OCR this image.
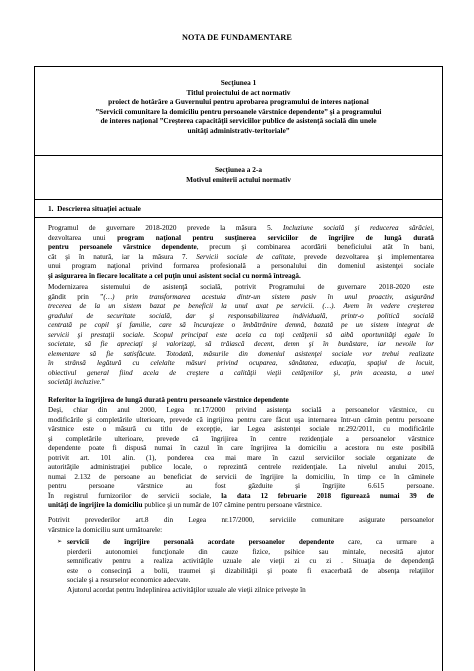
NOTA DE FUNDAMENTARE
Secţiunea 1
Titlul proiectului de act normativ
proiect de hotărâre a Guvernului pentru aprobarea programului de interes naţional
”Servicii comunitare la domiciliu pentru persoanele vârstnice dependente” şi a programului
de interes naţional ”Creşterea capacităţii serviciilor publice de asistenţă socială din unele
unităţi administrativ-teritoriale”
Secţiunea a 2-a
Motivul emiterii actului normativ
1. Descrierea situaţiei actuale
Programul de guvernare 2018-2020 prevede la măsura 5. Incluziune socială şi reducerea sărăciei,
dezvoltarea unui program naţional pentru susţinerea serviciilor de îngrijire de lungă durată
pentru persoanele vârstnice dependente, precum şi combinarea acordării beneficiului atât în bani,
cât şi în natură, iar la măsura 7. Servicii sociale de calitate, prevede dezvoltarea şi implementarea
unui program naţional privind formarea profesională a personalului din domeniul asistenţei sociale
şi asigurarea în fiecare localitate a cel puţin unui asistent social cu normă întreagă.
Modernizarea sistemului de asistenţă socială, potrivit Programului de guvernare 2018-2020 este
gândit prin ”(…) prin transformarea acestuia dintr-un sistem pasiv în unul proactiv, asigurând
trecerea de la un sistem bazat pe beneficii la unul axat pe servicii. (…). Avem în vedere creşterea
gradului de securitate socială, dar şi responsabilizarea individuală, printr-o politică socială
centrată pe copil şi familie, care să încurajeze o îmbătrânire demnă, bazată pe un sistem integrat de
servicii şi prestaţii sociale. Scopul principal este acela ca toţi cetăţenii să aibă oportunităţi egale în
societate, să fie apreciaţi şi valorizaţi, să trăiască decent, demn şi în bunăstare, iar nevoile lor
elementare să fie satisfăcute. Totodată, măsurile din domeniul asistenţei sociale vor trebui realizate
în strânsă legătură cu celelalte măsuri privind ocuparea, sănătatea, educaţia, spaţiul de locuit,
obiectivul general fiind acela de creştere a calităţii vieţii cetăţenilor şi, prin aceasta, a unei
societăţi incluzive.”
Referitor la îngrijirea de lungă durată pentru persoanele vârstnice dependente
Deşi, chiar din anul 2000, Legea nr.17/2000 privind asistenţa socială a persoanelor vârstnice, cu
modificările şi completările ulterioare, prevede că ingrijirea pentru care făcut uşa internarea într-un cămin pentru persoane
vârstnice este o măsură cu titlu de excepţie, iar Legea asistenţei sociale nr.292/2011, cu modificările
şi completările ulterioare, prevede că îngrijirea în centre rezidenţiale a persoanelor vârstnice
dependente poate fi dispusă numai în cazul în care îngrijirea la domiciliu a acestora nu este posibilă
potrivit art. 101 alin. (1), ponderea cea mai mare în cazul serviciilor sociale organizate de
autorităţile administraţiei publice locale, o reprezintă centrele rezidenţiale. La nivelul anului 2015,
numai 2.132 de persoane au beneficiat de servicii de îngrijire la domiciliu, în timp ce în căminele
pentru persoane vârstnice au fost găzduite şi îngrijite 6.615 persoane.
În registrul furnizorilor de servicii sociale, la data 12 februarie 2018 figurează numai 39 de
unităţi de îngrijire la domiciliu publice şi un număr de 107 cămine pentru persoane vârstnice.
Potrivit prevederilor art.8 din Legea nr.17/2000, serviciile comunitare asigurate persoanelor
vârstnice la domiciliu sunt următoarele:
➢ servicii de îngrijire personală acordate persoanelor dependente care, ca urmare a
pierderii autonomiei funcţionale din cauze fizice, psihice sau mintale, necesită ajutor
semnificativ pentru a realiza activităţile uzuale ale vieţii zi cu zi . Situaţia de dependenţă
este o consecinţă a bolii, traumei şi dizabilităţii şi poate fi exacerbată de absenţa relaţiilor
sociale şi a resurselor economice adecvate.
Ajutorul acordat pentru îndeplinirea activităţilor uzuale ale vieţii zilnice privește în
